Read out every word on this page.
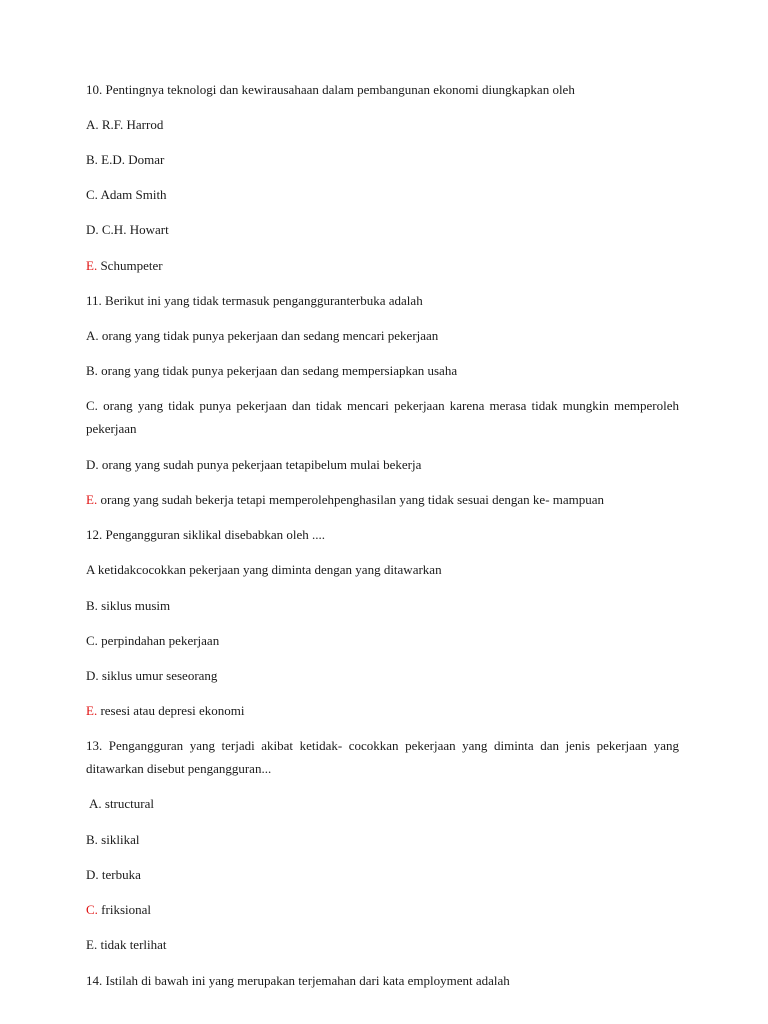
10. Pentingnya teknologi dan kewirausahaan dalam pembangunan ekonomi diungkapkan oleh
A. R.F. Harrod
B. E.D. Domar
C. Adam Smith
D. C.H. Howart
E. Schumpeter
11. Berikut ini yang tidak termasuk pengangguranterbuka adalah
A. orang yang tidak punya pekerjaan dan sedang mencari pekerjaan
B. orang yang tidak punya pekerjaan dan sedang mempersiapkan usaha
C. orang yang tidak punya pekerjaan dan tidak mencari pekerjaan karena merasa tidak mungkin memperoleh pekerjaan
D. orang yang sudah punya pekerjaan tetapibelum mulai bekerja
E. orang yang sudah bekerja tetapi memperolehpenghasilan yang tidak sesuai dengan ke- mampuan
12. Pengangguran siklikal disebabkan oleh ....
A ketidakcocokkan pekerjaan yang diminta dengan yang ditawarkan
B. siklus musim
C. perpindahan pekerjaan
D. siklus umur seseorang
E. resesi atau depresi ekonomi
13. Pengangguran yang terjadi akibat ketidak- cocokkan pekerjaan yang diminta dan jenis pekerjaan yang ditawarkan disebut pengangguran...
A. structural
B. siklikal
D. terbuka
C. friksional
E. tidak terlihat
14. Istilah di bawah ini yang merupakan terjemahan dari kata employment adalah
